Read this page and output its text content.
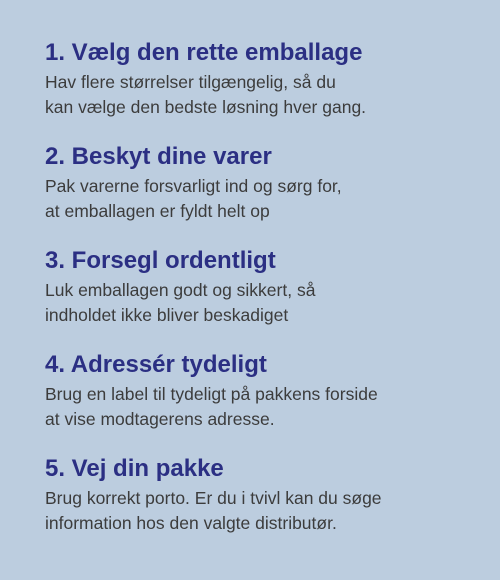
1. Vælg den rette emballage

Hav flere størrelser tilgængelig, så du
kan vælge den bedste løsning hver gang.

2. Beskyt dine varer

Pak varerne forsvarligt ind og sørg for,
at emballagen er fyldt helt op

3. Forsegl ordentligt

Luk emballagen godt og sikkert, så
indholdet ikke bliver beskadiget

4. Adressér tydeligt

Brug en label til tydeligt på pakkens forside
at vise modtagerens adresse.

5. Vej din pakke

Brug korrekt porto. Er du i tvivl kan du søge
information hos den valgte distributør.
